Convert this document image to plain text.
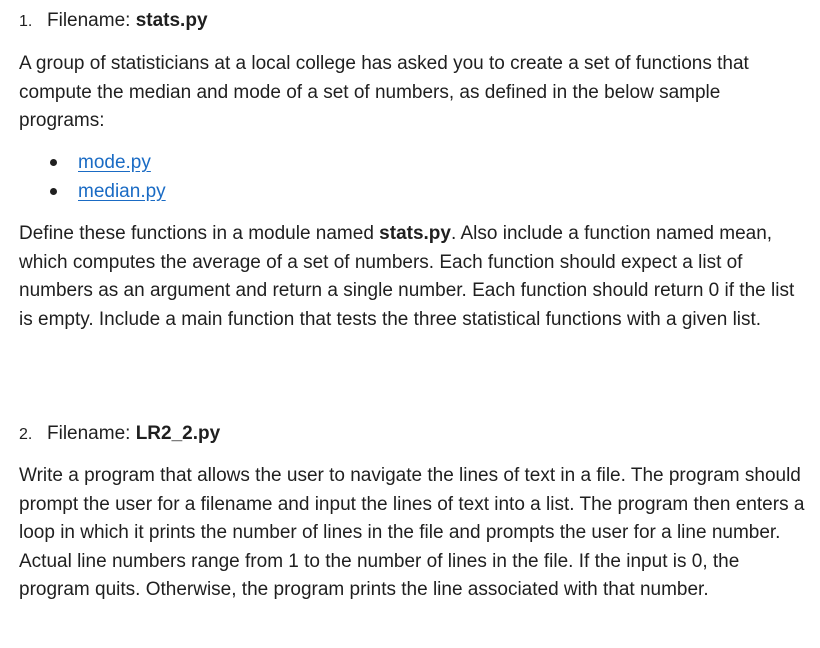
1. Filename: stats.py

A group of statisticians at a local college has asked you to create a set of functions that compute the median and mode of a set of numbers, as defined in the below sample programs:

mode.py
median.py

Define these functions in a module named stats.py. Also include a function named mean, which computes the average of a set of numbers. Each function should expect a list of numbers as an argument and return a single number. Each function should return 0 if the list is empty. Include a main function that tests the three statistical functions with a given list.

2. Filename: LR2_2.py

Write a program that allows the user to navigate the lines of text in a file. The program should prompt the user for a filename and input the lines of text into a list. The program then enters a loop in which it prints the number of lines in the file and prompts the user for a line number. Actual line numbers range from 1 to the number of lines in the file. If the input is 0, the program quits. Otherwise, the program prints the line associated with that number.
